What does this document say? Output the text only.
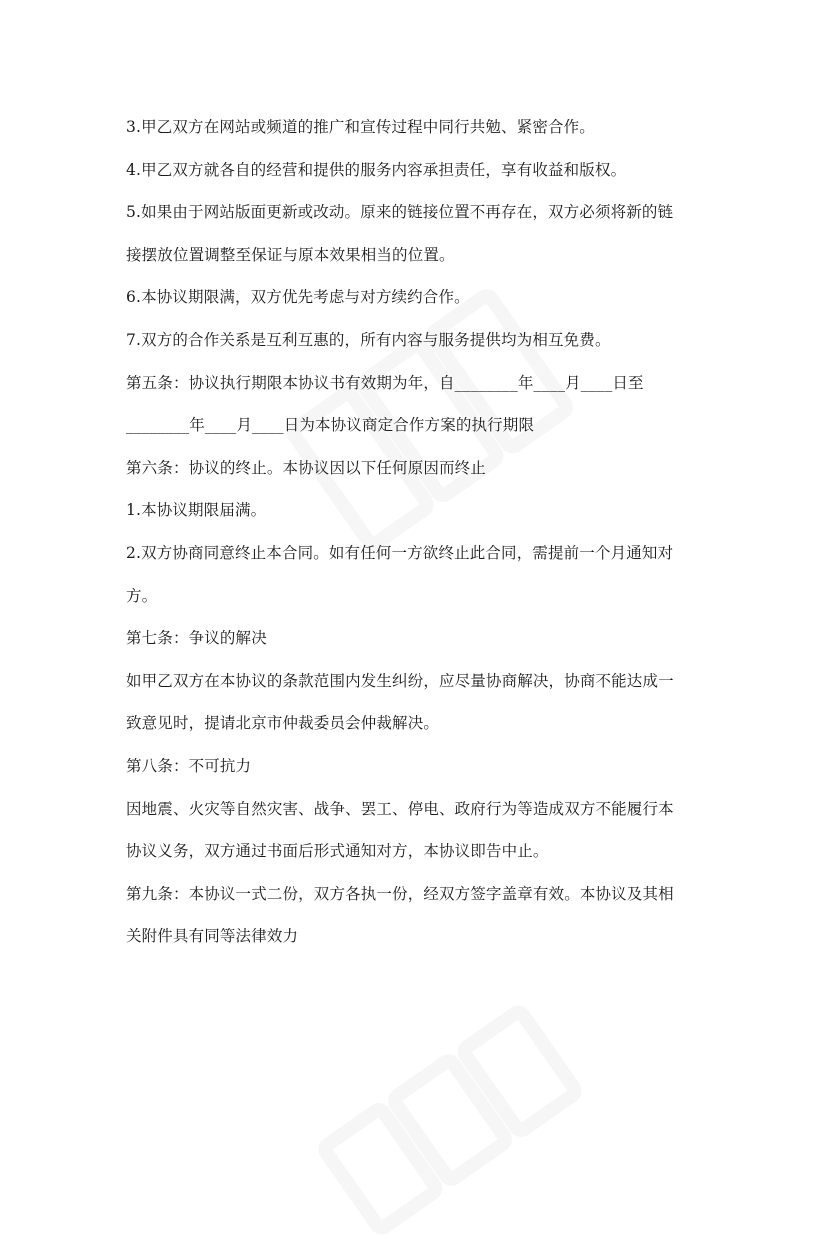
3.甲乙双方在网站或频道的推广和宣传过程中同行共勉、紧密合作。
4.甲乙双方就各自的经营和提供的服务内容承担责任，享有收益和版权。
5.如果由于网站版面更新或改动。原来的链接位置不再存在，双方必须将新的链
接摆放位置调整至保证与原本效果相当的位置。
6.本协议期限满，双方优先考虑与对方续约合作。
7.双方的合作关系是互利互惠的，所有内容与服务提供均为相互免费。
第五条：协议执行期限本协议书有效期为年，自________年____月____日至
________年____月____日为本协议商定合作方案的执行期限
第六条：协议的终止。本协议因以下任何原因而终止
1.本协议期限届满。
2.双方协商同意终止本合同。如有任何一方欲终止此合同，需提前一个月通知对
方。
第七条：争议的解决
如甲乙双方在本协议的条款范围内发生纠纷，应尽量协商解决，协商不能达成一
致意见时，提请北京市仲裁委员会仲裁解决。
第八条：不可抗力
因地震、火灾等自然灾害、战争、罢工、停电、政府行为等造成双方不能履行本
协议义务，双方通过书面后形式通知对方，本协议即告中止。
第九条：本协议一式二份，双方各执一份，经双方签字盖章有效。本协议及其相
关附件具有同等法律效力
